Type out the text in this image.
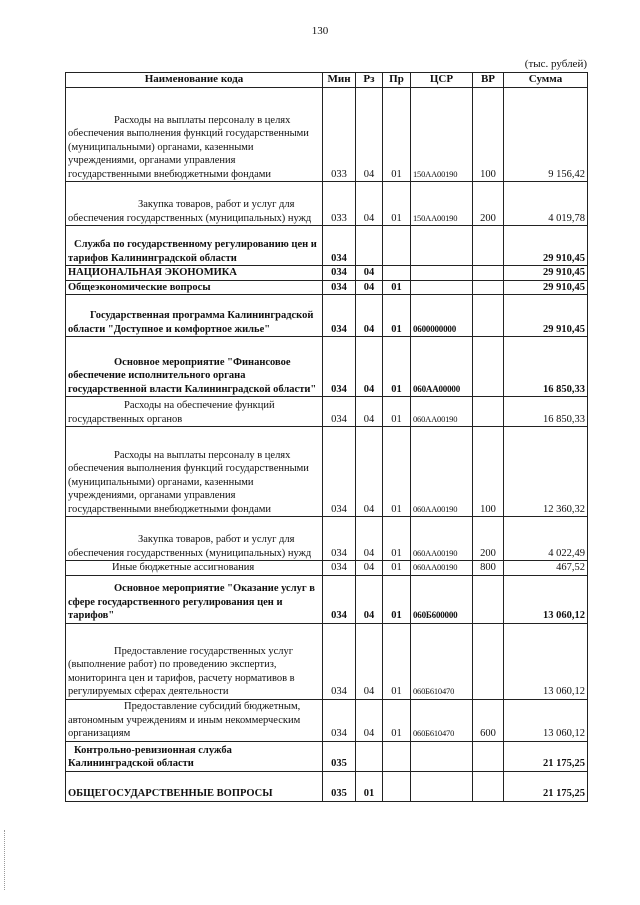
130
(тыс. рублей)
Наименование кода	Мин	Рз	Пр	ЦСР	ВР	Сумма

Расходы на выплаты персоналу в целях обеспечения выполнения функций государственными (муниципальными) органами, казенными учреждениями, органами управления государственными внебюджетными фондами	033	04	01	150АА00190	100	9 156,42

Закупка товаров, работ и услуг для обеспечения государственных (муниципальных) нужд	033	04	01	150АА00190	200	4 019,78

Служба по государственному регулированию цен и тарифов Калининградской области	034					29 910,45
НАЦИОНАЛЬНАЯ ЭКОНОМИКА	034	04				29 910,45
Общеэкономические вопросы	034	04	01			29 910,45

Государственная программа Калининградской области "Доступное и комфортное жилье"	034	04	01	0600000000		29 910,45

Основное мероприятие "Финансовое обеспечение исполнительного органа государственной власти Калининградской области"	034	04	01	060АА00000		16 850,33

Расходы на обеспечение функций государственных органов	034	04	01	060АА00190		16 850,33

Расходы на выплаты персоналу в целях обеспечения выполнения функций государственными (муниципальными) органами, казенными учреждениями, органами управления государственными внебюджетными фондами	034	04	01	060АА00190	100	12 360,32

Закупка товаров, работ и услуг для обеспечения государственных (муниципальных) нужд	034	04	01	060АА00190	200	4 022,49

Иные бюджетные ассигнования	034	04	01	060АА00190	800	467,52

Основное мероприятие "Оказание услуг в сфере государственного регулирования цен и тарифов"	034	04	01	060Б600000		13 060,12

Предоставление государственных услуг (выполнение работ) по проведению экспертиз, мониторинга цен и тарифов, расчету нормативов в регулируемых сферах деятельности	034	04	01	060Б610470		13 060,12

Предоставление субсидий бюджетным, автономным учреждениям и иным некоммерческим организациям	034	04	01	060Б610470	600	13 060,12

Контрольно-ревизионная служба Калининградской области	035					21 175,25
ОБЩЕГОСУДАРСТВЕННЫЕ ВОПРОСЫ	035	01				21 175,25
